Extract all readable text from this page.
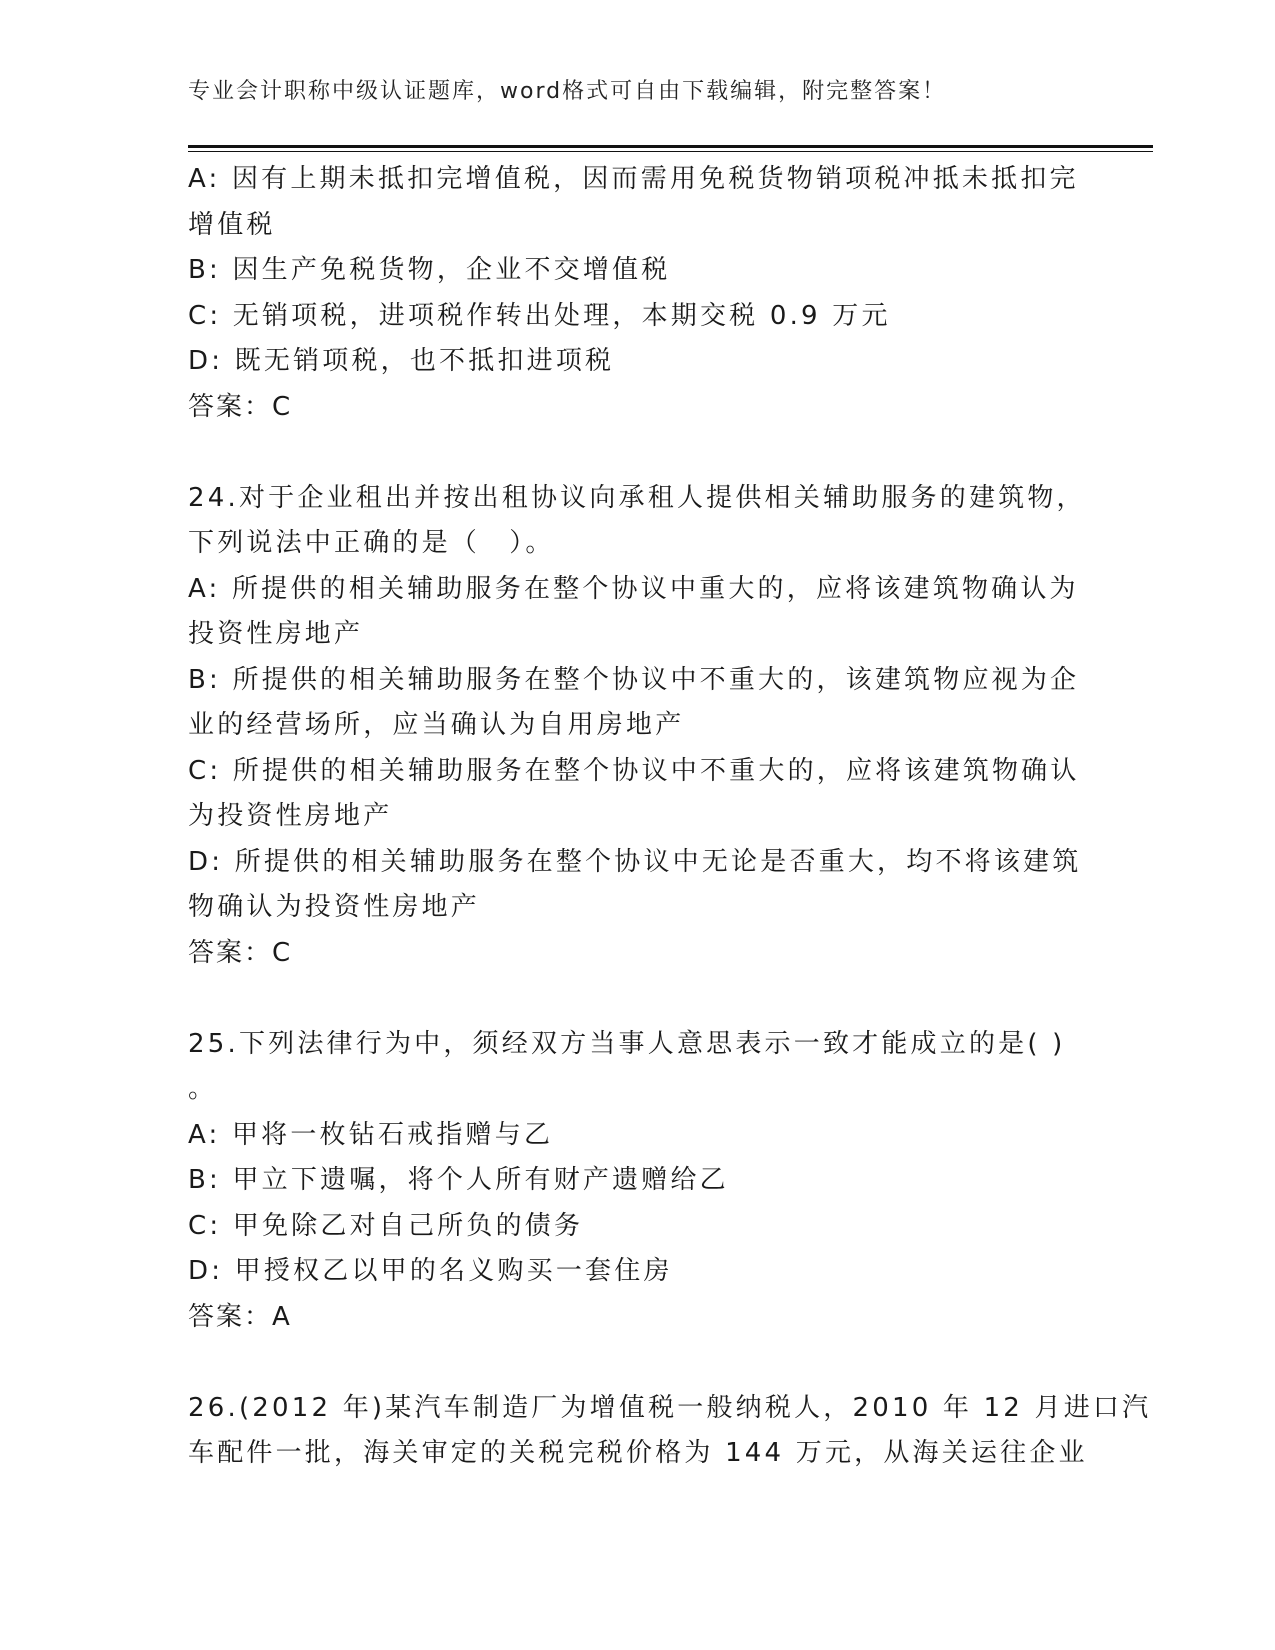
专业会计职称中级认证题库，word格式可自由下载编辑，附完整答案！
A: 因有上期未抵扣完增值税，因而需用免税货物销项税冲抵未抵扣完
增值税
B: 因生产免税货物，企业不交增值税
C: 无销项税，进项税作转出处理，本期交税 0.9 万元
D: 既无销项税，也不抵扣进项税
答案：C
24.对于企业租出并按出租协议向承租人提供相关辅助服务的建筑物，
下列说法中正确的是（　）。
A: 所提供的相关辅助服务在整个协议中重大的，应将该建筑物确认为
投资性房地产
B: 所提供的相关辅助服务在整个协议中不重大的，该建筑物应视为企
业的经营场所，应当确认为自用房地产
C: 所提供的相关辅助服务在整个协议中不重大的，应将该建筑物确认
为投资性房地产
D: 所提供的相关辅助服务在整个协议中无论是否重大，均不将该建筑
物确认为投资性房地产
答案：C
25.下列法律行为中，须经双方当事人意思表示一致才能成立的是( )
。
A: 甲将一枚钻石戒指赠与乙
B: 甲立下遗嘱，将个人所有财产遗赠给乙
C: 甲免除乙对自己所负的债务
D: 甲授权乙以甲的名义购买一套住房
答案：A
26.(2012 年)某汽车制造厂为增值税一般纳税人，2010 年 12 月进口汽
车配件一批，海关审定的关税完税价格为 144 万元，从海关运往企业
